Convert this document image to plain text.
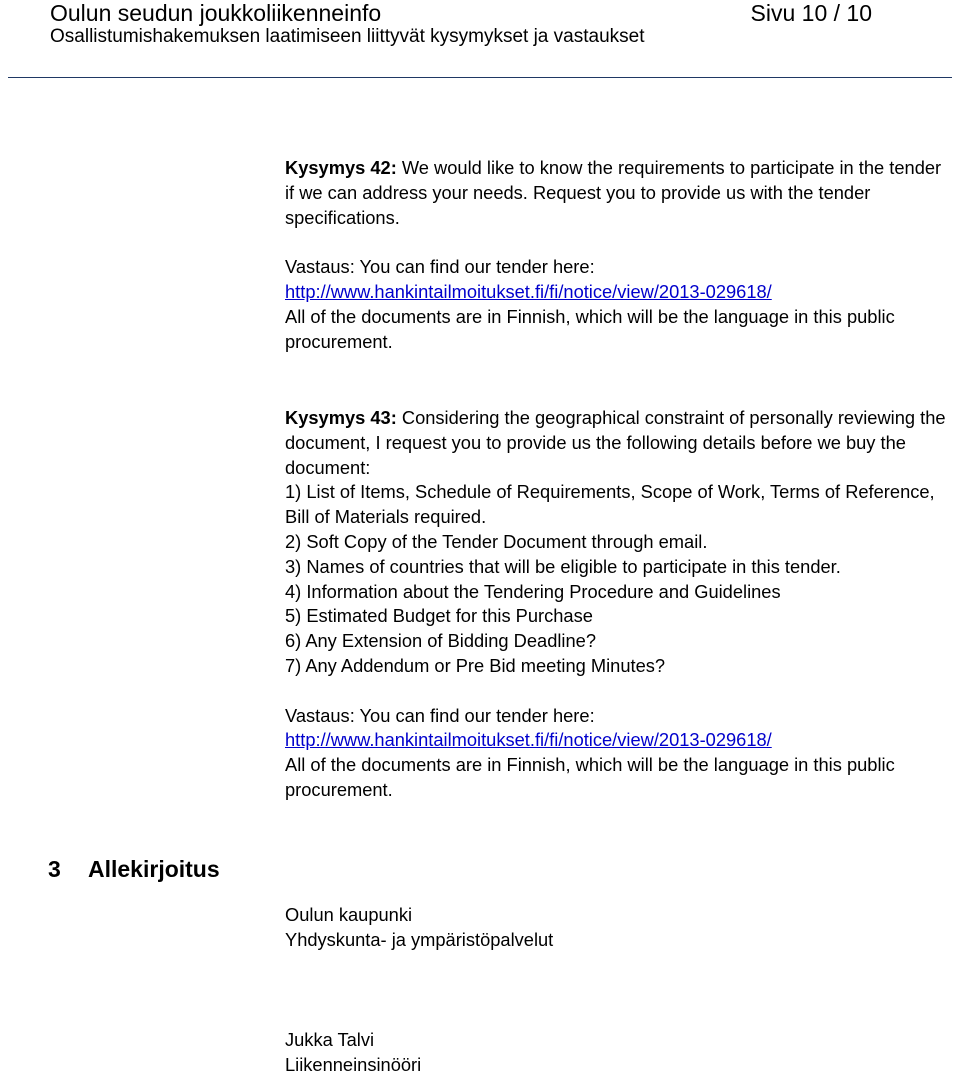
Oulun seudun joukkoliikenneinfo	Sivu 10 / 10
Osallistumishakemuksen laatimiseen liittyvät kysymykset ja vastaukset

Kysymys 42: We would like to know the requirements to participate in the tender if we can address your needs. Request you to provide us with the tender specifications.

Vastaus: You can find our tender here:

http://www.hankintailmoitukset.fi/fi/notice/view/2013-029618/

All of the documents are in Finnish, which will be the language in this public procurement.

Kysymys 43: Considering the geographical constraint of personally reviewing the document, I request you to provide us the following details before we buy the document:

1) List of Items, Schedule of Requirements, Scope of Work, Terms of Reference, Bill of Materials required.

2) Soft Copy of the Tender Document through email.

3) Names of countries that will be eligible to participate in this tender.

4) Information about the Tendering Procedure and Guidelines

5) Estimated Budget for this Purchase

6) Any Extension of Bidding Deadline?

7) Any Addendum or Pre Bid meeting Minutes?

Vastaus: You can find our tender here:

http://www.hankintailmoitukset.fi/fi/notice/view/2013-029618/

All of the documents are in Finnish, which will be the language in this public procurement.

3 Allekirjoitus

Oulun kaupunki

Yhdyskunta- ja ympäristöpalvelut

Jukka Talvi

Liikenneinsinööri
